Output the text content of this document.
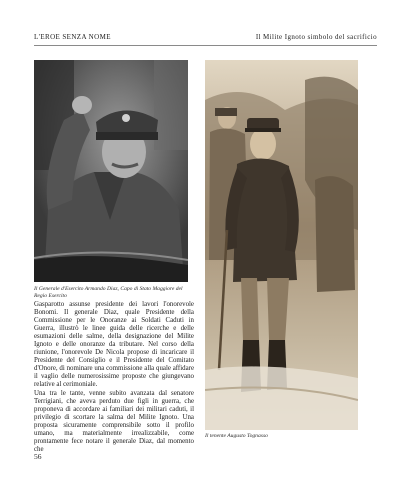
L'EROE SENZA NOME	Il Milite Ignoto simbolo del sacrificio
Il Generale d'Esercito Armando Diaz, Capo di Stato Maggiore del Regio Esercito
Il tenente Augusto Tognasso

Gasparotto assunse presidente dei lavori l'onorevole Bonomi. Il generale Diaz, quale Presidente della Commissione per le Onoranze ai Soldati Caduti in Guerra, illustrò le linee guida delle ricerche e delle esumazioni delle salme, della designazione del Milite Ignoto e delle onoranze da tributare. Nel corso della riunione, l'onorevole De Nicola propose di incaricare il Presidente del Consiglio e il Presidente del Comitato d'Onore, di nominare una commissione alla quale affidare il vaglio delle numerosissime proposte che giungevano relative al cerimoniale.

Una tra le tante, venne subito avanzata dal senatore Terrigiani, che aveva perduto due figli in guerra, che proponeva di accordare ai familiari dei militari caduti, il privilegio di scortare la salma del Milite Ignoto. Una proposta sicuramente comprensibile sotto il profilo umano, ma materialmente irrealizzabile, come prontamente fece notare il generale Diaz, dal momento che

56
